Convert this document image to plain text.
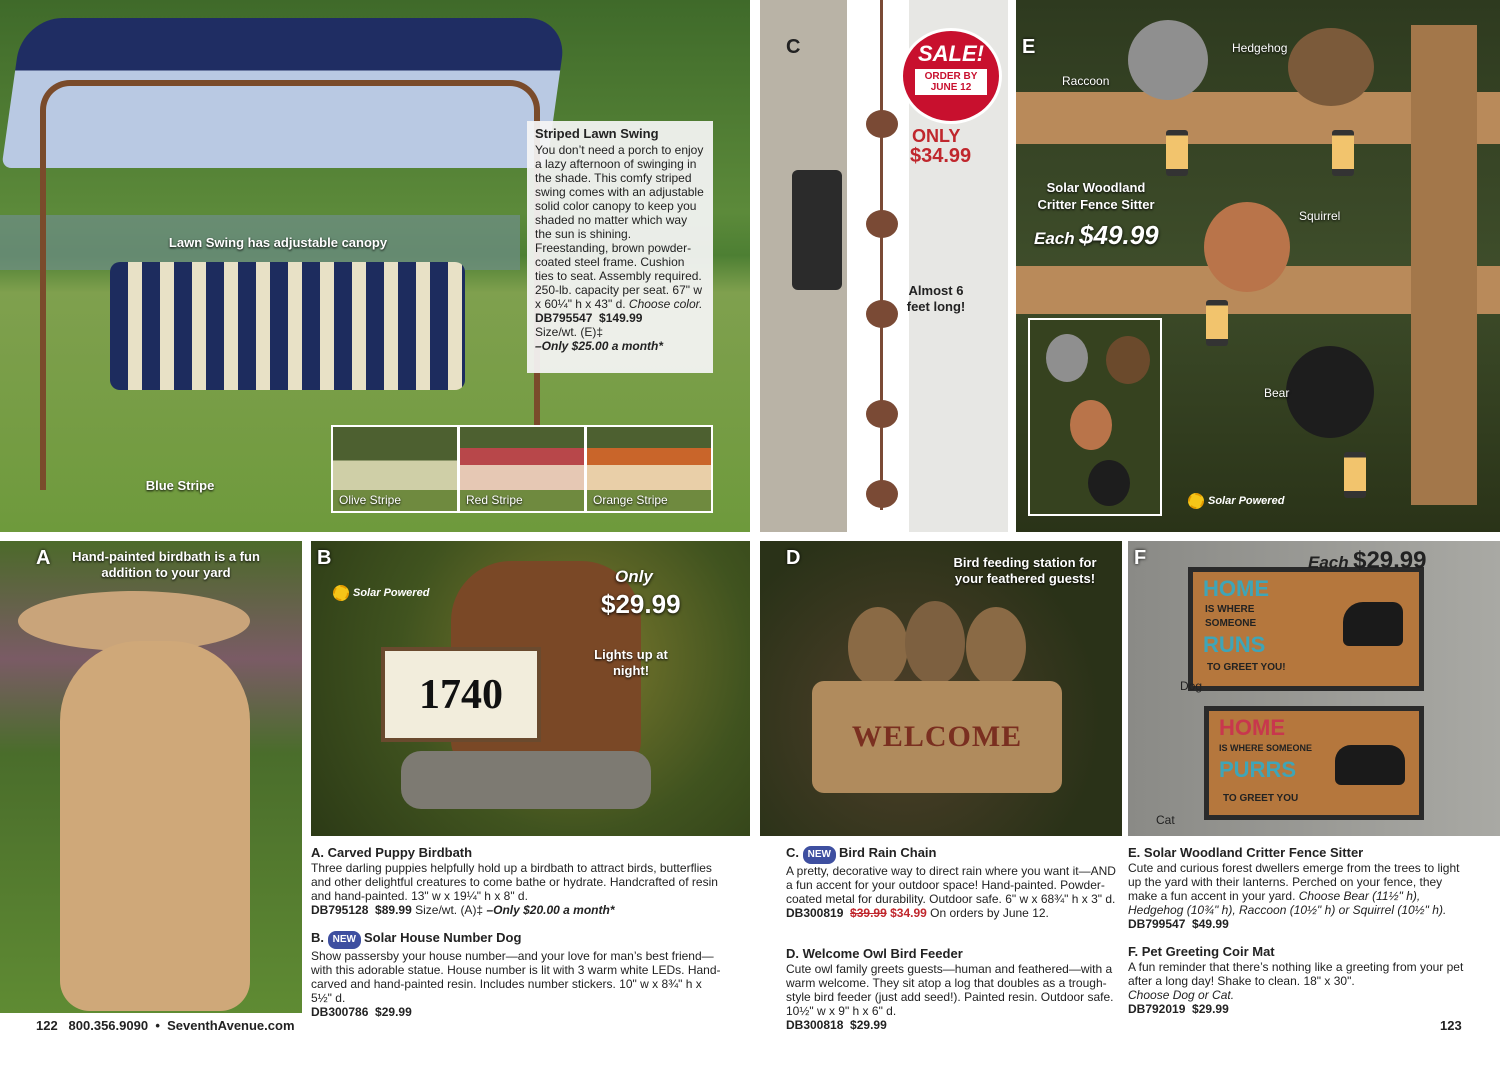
Lawn Swing has adjustable canopy
Blue Stripe
Striped Lawn Swing
You don’t need a porch to enjoy a lazy afternoon of swinging in the shade. This comfy striped swing comes with an adjustable solid color canopy to keep you shaded no matter which way the sun is shining. Freestanding, brown powder-coated steel frame. Cushion ties to seat. Assembly required. 250-lb. capacity per seat. 67" w x 60¼" h x 43" d. Choose color.
DB795547 $149.99
Size/wt. (E)‡
–Only $25.00 a month*
Olive Stripe	Red Stripe	Orange Stripe
C	SALE!
ORDER BY
JUNE 12
ONLY
$34.99
Almost 6 feet long!
E
Raccoon
Hedgehog
Squirrel
Bear
Solar Woodland Critter Fence Sitter
Each $49.99
Solar Powered
A Hand-painted birdbath is a fun addition to your yard
1740
B
Solar Powered
Only
$29.99
Lights up at night!
WELCOME
D	Bird feeding station for your feathered guests!	HOME
IS WHERE
SOMEONE
RUNS
TO GREET YOU!
HOME
IS WHERE SOMEONE
PURRS
TO GREET YOU
F	Each $29.99
Dog
Cat
A. Carved Puppy Birdbath
Three darling puppies helpfully hold up a birdbath to attract birds, butterflies and other delightful creatures to come bathe or hydrate. Handcrafted of resin and hand-painted. 13" w x 19¼" h x 8" d.
DB795128 $89.99 Size/wt. (A)‡ –Only $20.00 a month*
B. NEW Solar House Number Dog
Show passersby your house number—and your love for man’s best friend—with this adorable statue. House number is lit with 3 warm white LEDs. Hand-carved and hand-painted resin. Includes number stickers. 10" w x 8¾" h x 5½" d.
DB300786 $29.99
C. NEW Bird Rain Chain
A pretty, decorative way to direct rain where you want it—AND a fun accent for your outdoor space! Hand-painted. Powder-coated metal for durability. Outdoor safe. 6" w x 68¾" h x 3" d.
DB300819 $39.99 $34.99 On orders by June 12.
D. Welcome Owl Bird Feeder
Cute owl family greets guests—human and feathered—with a warm welcome. They sit atop a log that doubles as a trough-style bird feeder (just add seed!). Painted resin. Outdoor safe. 10½" w x 9" h x 6" d.
DB300818 $29.99
E. Solar Woodland Critter Fence Sitter
Cute and curious forest dwellers emerge from the trees to light up the yard with their lanterns. Perched on your fence, they make a fun accent in your yard. Choose Bear (11½" h), Hedgehog (10¾" h), Raccoon (10½" h) or Squirrel (10½" h).
DB799547 $49.99
F. Pet Greeting Coir Mat
A fun reminder that there’s nothing like a greeting from your pet after a long day! Shake to clean. 18" x 30".
Choose Dog or Cat.
DB792019 $29.99
122 800.356.9090 • SeventhAvenue.com	123
